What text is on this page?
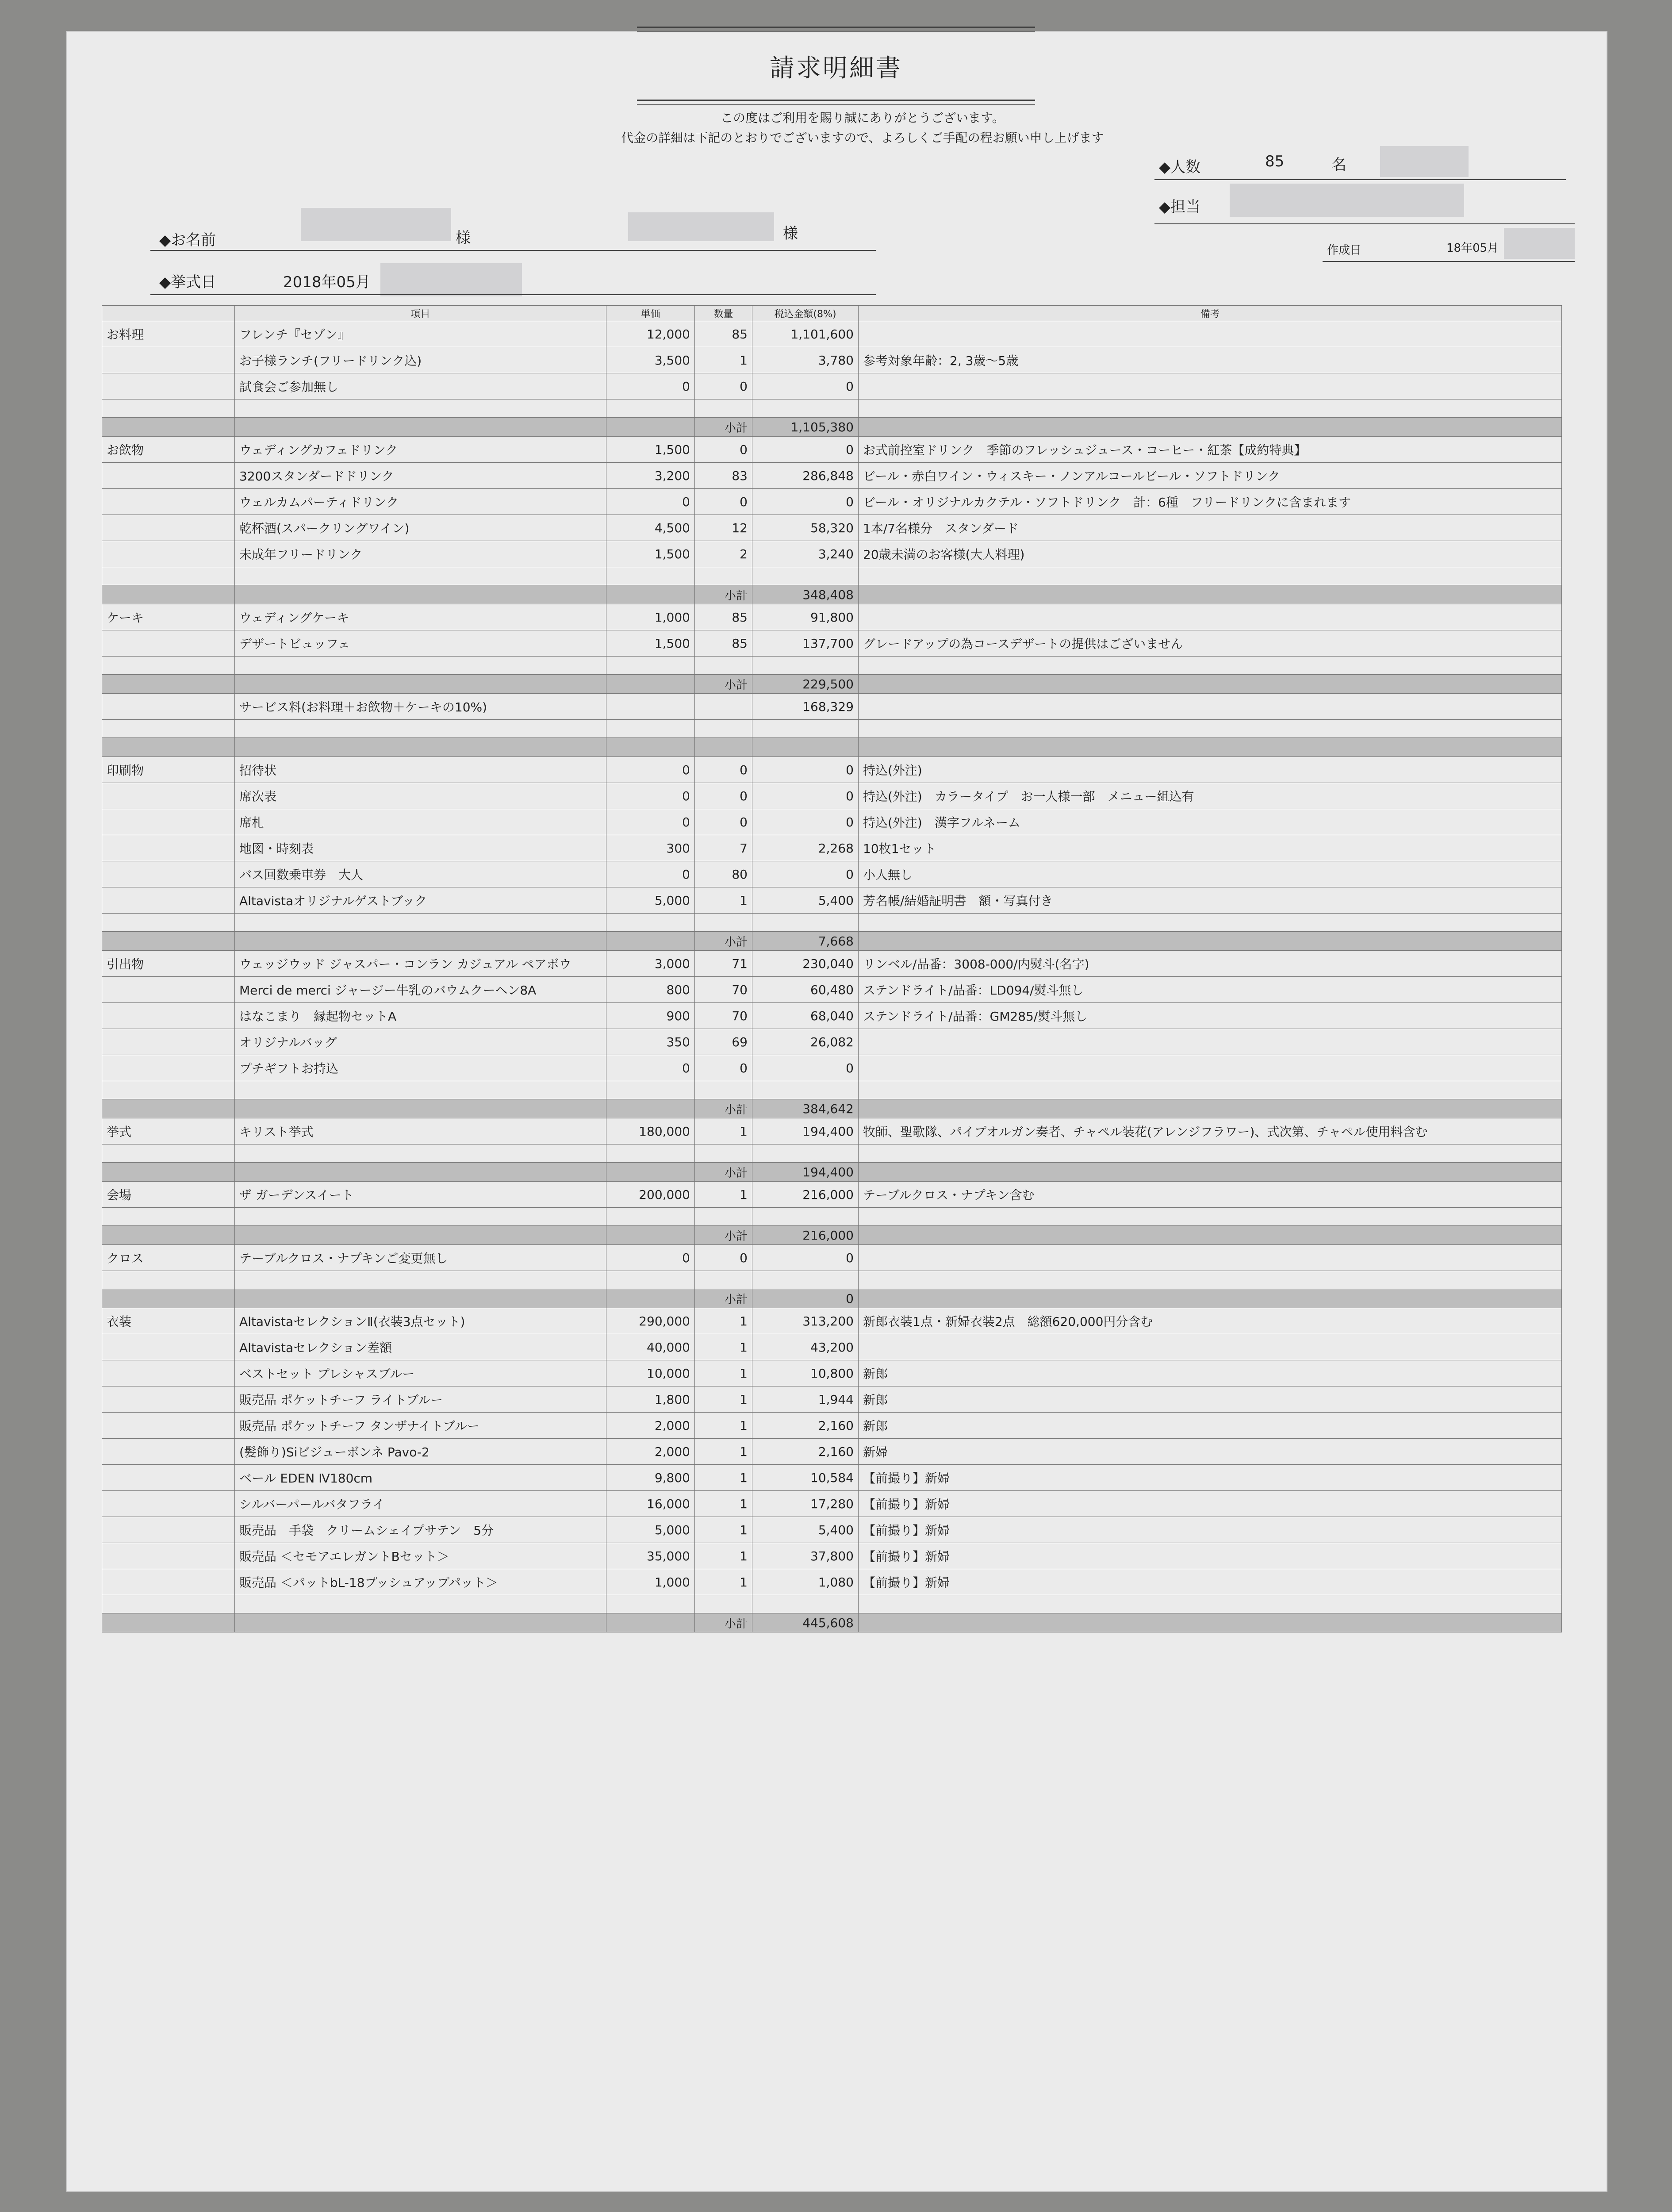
請求明細書
この度はご利用を賜り誠にありがとうございます。
代金の詳細は下記のとおりでございますので、よろしくご手配の程お願い申し上げます
◆人数	85	名
◆担当
◆お名前	様	様
作成日	18年05月
◆挙式日	2018年05月
	項目	単価	数量	税込金額(8%)	備考
お料理	フレンチ『セゾン』	12,000	85	1,101,600	
	お子様ランチ(フリードリンク込)	3,500	1	3,780	参考対象年齢：2, 3歳〜5歳
	試食会ご参加無し	0	0	0	

			小計	1,105,380	
お飲物	ウェディングカフェドリンク	1,500	0	0	お式前控室ドリンク　季節のフレッシュジュース・コーヒー・紅茶【成約特典】
	3200スタンダードドリンク	3,200	83	286,848	ビール・赤白ワイン・ウィスキー・ノンアルコールビール・ソフトドリンク
	ウェルカムパーティドリンク	0	0	0	ビール・オリジナルカクテル・ソフトドリンク　計：6種　フリードリンクに含まれます
	乾杯酒(スパークリングワイン)	4,500	12	58,320	1本/7名様分　スタンダード
	未成年フリードリンク	1,500	2	3,240	20歳未満のお客様(大人料理)

			小計	348,408	
ケーキ	ウェディングケーキ	1,000	85	91,800	
	デザートビュッフェ	1,500	85	137,700	グレードアップの為コースデザートの提供はございません

			小計	229,500	
	サービス料(お料理＋お飲物＋ケーキの10%)			168,329	

印刷物	招待状	0	0	0	持込(外注)
	席次表	0	0	0	持込(外注)　カラータイプ　お一人様一部　メニュー組込有
	席札	0	0	0	持込(外注)　漢字フルネーム
	地図・時刻表	300	7	2,268	10枚1セット
	バス回数乗車券　大人	0	80	0	小人無し
	Altavistaオリジナルゲストブック	5,000	1	5,400	芳名帳/結婚証明書　額・写真付き

			小計	7,668	
引出物	ウェッジウッド ジャスパー・コンラン カジュアル ペアボウ	3,000	71	230,040	リンベル/品番：3008-000/内熨斗(名字)
	Merci de merci ジャージー牛乳のバウムクーヘン8A	800	70	60,480	ステンドライト/品番：LD094/熨斗無し
	はなこまり　縁起物セットA	900	70	68,040	ステンドライト/品番：GM285/熨斗無し
	オリジナルバッグ	350	69	26,082	
	プチギフトお持込	0	0	0	

			小計	384,642	
挙式	キリスト挙式	180,000	1	194,400	牧師、聖歌隊、パイプオルガン奏者、チャペル装花(アレンジフラワー)、式次第、チャペル使用料含む

			小計	194,400	
会場	ザ ガーデンスイート	200,000	1	216,000	テーブルクロス・ナプキン含む

			小計	216,000	
クロス	テーブルクロス・ナプキンご変更無し	0	0	0	

			小計	0	
衣装	AltavistaセレクションⅡ(衣装3点セット)	290,000	1	313,200	新郎衣装1点・新婦衣装2点　総額620,000円分含む
	Altavistaセレクション差額	40,000	1	43,200	
	ベストセット プレシャスブルー	10,000	1	10,800	新郎
	販売品 ポケットチーフ ライトブルー	1,800	1	1,944	新郎
	販売品 ポケットチーフ タンザナイトブルー	2,000	1	2,160	新郎
	(髪飾り)Siビジューボンネ Pavo-2	2,000	1	2,160	新婦
	ベール EDEN Ⅳ180cm	9,800	1	10,584	【前撮り】新婦
	シルバーパールバタフライ	16,000	1	17,280	【前撮り】新婦
	販売品　手袋　クリームシェイプサテン　5分	5,000	1	5,400	【前撮り】新婦
	販売品 ＜セモアエレガントBセット＞	35,000	1	37,800	【前撮り】新婦
	販売品 ＜パットbL-18プッシュアップパット＞	1,000	1	1,080	【前撮り】新婦

			小計	445,608	
